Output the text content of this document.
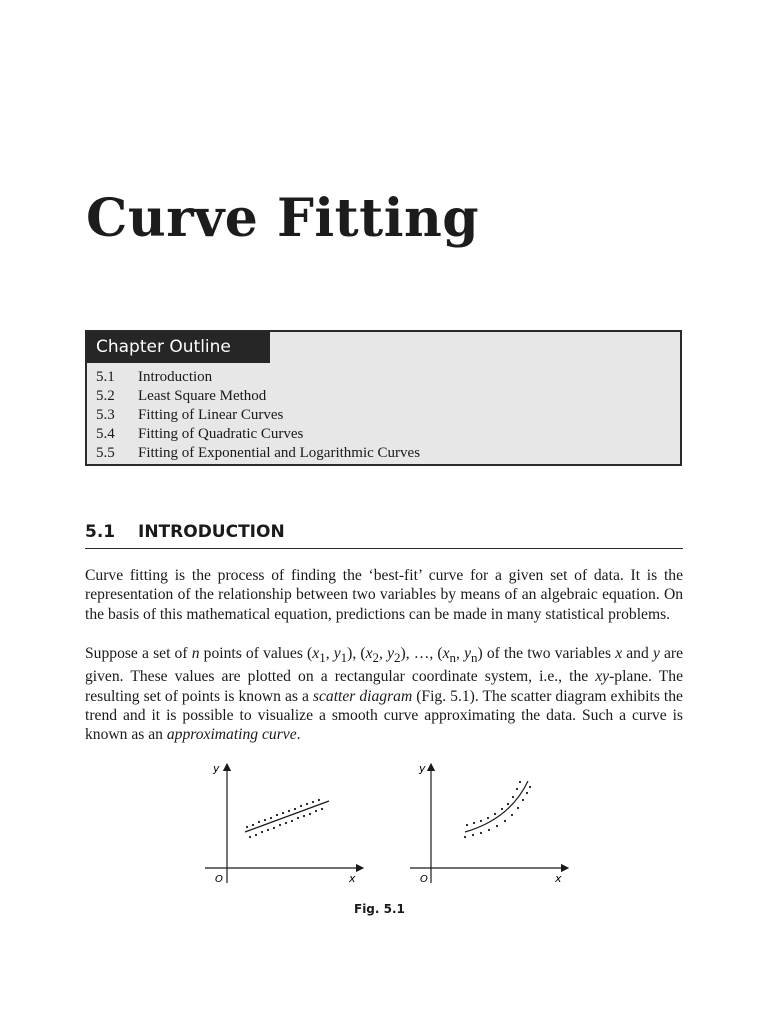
Curve Fitting
Chapter Outline
5.1	Introduction
5.2	Least Square Method
5.3	Fitting of Linear Curves
5.4	Fitting of Quadratic Curves
5.5	Fitting of Exponential and Logarithmic Curves
5.1 INTRODUCTION

Curve fitting is the process of finding the ‘best-fit’ curve for a given set of data. It is the representation of the relationship between two variables by means of an algebraic equation. On the basis of this mathematical equation, predictions can be made in many statistical problems.

Suppose a set of n points of values ($x_1$, $y_1$), ($x_2$, $y_2$), …, ($x_n$, $y_n$) of the two variables x and y are given. These values are plotted on a rectangular coordinate system, i.e., the xy-plane. The resulting set of points is known as a scatter diagram (Fig. 5.1). The scatter diagram exhibits the trend and it is possible to visualize a smooth curve approximating the data. Such a curve is known as an approximating curve.

y
x
O
y
x
O
Fig. 5.1
